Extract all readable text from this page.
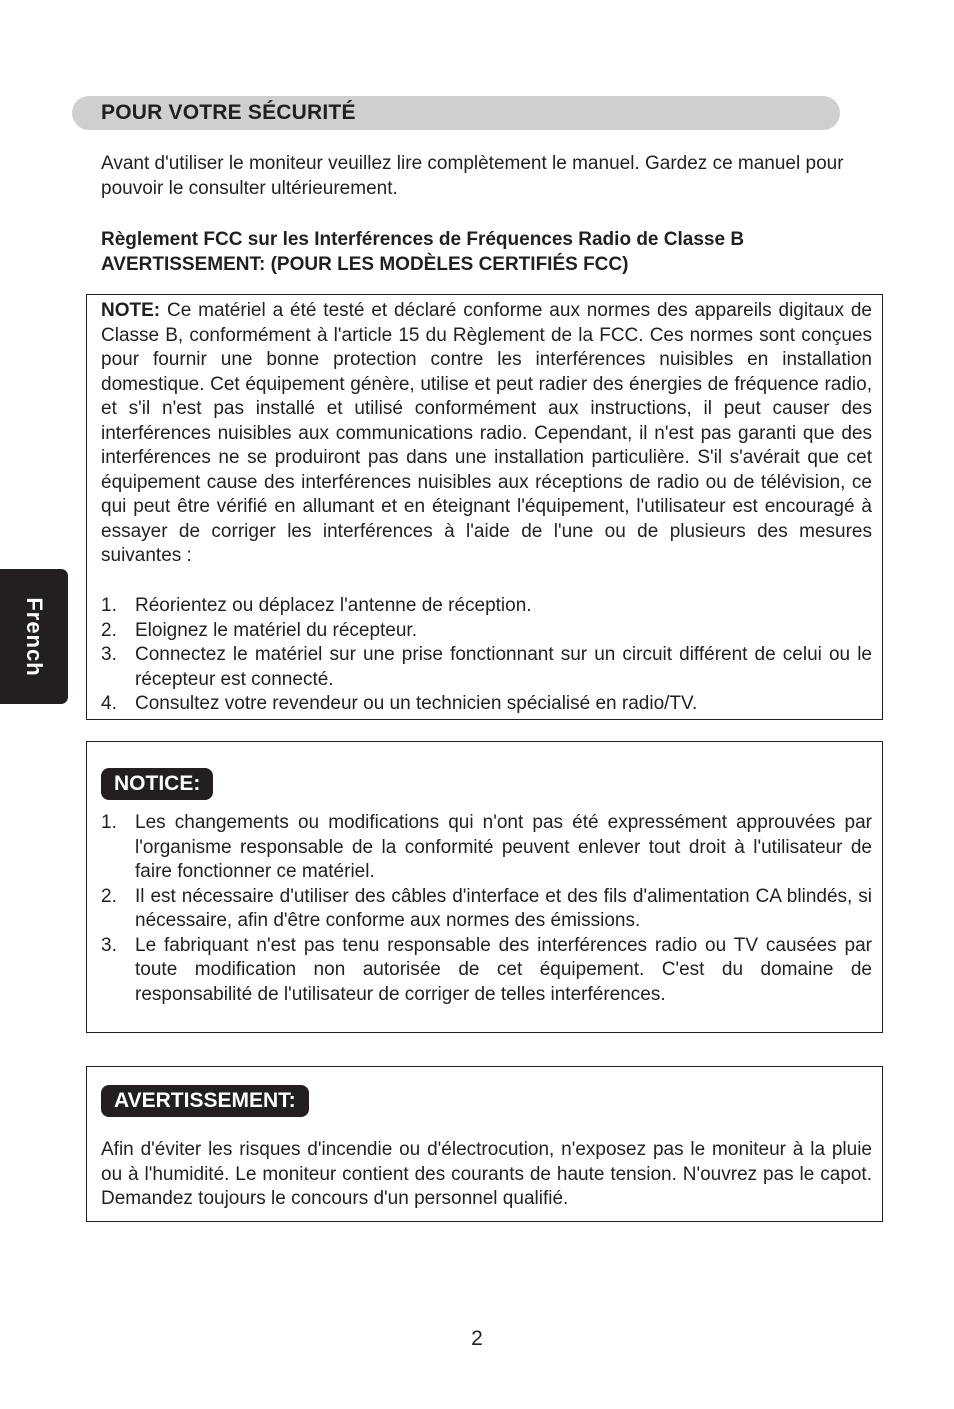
POUR VOTRE SÉCURITÉ

Avant d'utiliser le moniteur veuillez lire complètement le manuel. Gardez ce manuel pour pouvoir le consulter ultérieurement.

Règlement FCC sur les Interférences de Fréquences Radio de Classe B
AVERTISSEMENT: (POUR LES MODÈLES CERTIFIÉS FCC)

NOTE: Ce matériel a été testé et déclaré conforme aux normes des appareils digitaux de Classe B, conformément à l'article 15 du Règlement de la FCC. Ces normes sont conçues pour fournir une bonne protection contre les interférences nuisibles en installation domestique. Cet équipement génère, utilise et peut radier des énergies de fréquence radio, et s'il n'est pas installé et utilisé conformément aux instructions, il peut causer des interférences nuisibles aux communications radio. Cependant, il n'est pas garanti que des interférences ne se produiront pas dans une installation particulière. S'il s'avérait que cet équipement cause des interférences nuisibles aux réceptions de radio ou de télévision, ce qui peut être vérifié en allumant et en éteignant l'équipement, l'utilisateur est encouragé à essayer de corriger les interférences à l'aide de l'une ou de plusieurs des mesures suivantes :

1. Réorientez ou déplacez l'antenne de réception.
2. Eloignez le matériel du récepteur.
3. Connectez le matériel sur une prise fonctionnant sur un circuit différent de celui ou le récepteur est connecté.
4. Consultez votre revendeur ou un technicien spécialisé en radio/TV.
NOTICE:
1. Les changements ou modifications qui n'ont pas été expressément approuvées par l'organisme responsable de la conformité peuvent enlever tout droit à l'utilisateur de faire fonctionner ce matériel.
2. Il est nécessaire d'utiliser des câbles d'interface et des fils d'alimentation CA blindés, si nécessaire, afin d'être conforme aux normes des émissions.
3. Le fabriquant n'est pas tenu responsable des interférences radio ou TV causées par toute modification non autorisée de cet équipement. C'est du domaine de responsabilité de l'utilisateur de corriger de telles interférences.
AVERTISSEMENT:

Afin d'éviter les risques d'incendie ou d'électrocution, n'exposez pas le moniteur à la pluie ou à l'humidité. Le moniteur contient des courants de haute tension. N'ouvrez pas le capot. Demandez toujours le concours d'un personnel qualifié.

French
2
